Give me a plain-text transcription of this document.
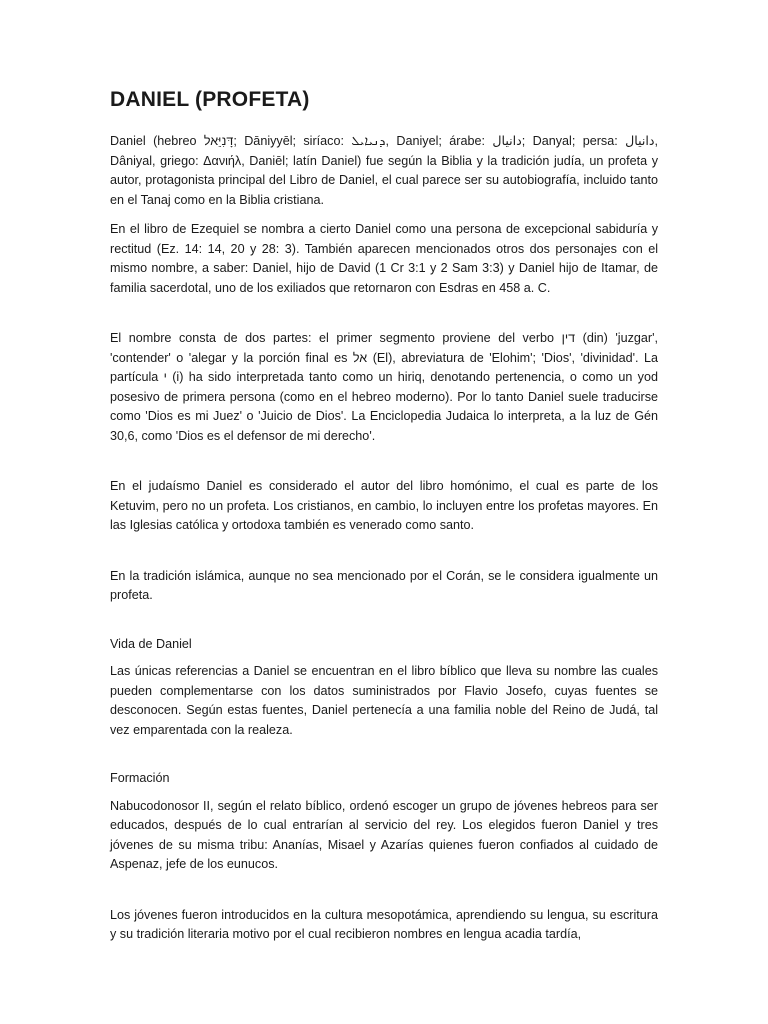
DANIEL (PROFETA)

Daniel (hebreo דָּנִיֵּאל; Dāniyyēl; siríaco: ܕܢܝܐܝܠ, Daniyel; árabe: دانيال; Danyal; persa: دانيال, Dâniyal, griego: Δανιήλ, Daniēl; latín Daniel) fue según la Biblia y la tradición judía, un profeta y autor, protagonista principal del Libro de Daniel, el cual parece ser su autobiografía, incluido tanto en el Tanaj como en la Biblia cristiana.

En el libro de Ezequiel se nombra a cierto Daniel como una persona de excepcional sabiduría y rectitud (Ez. 14: 14, 20 y 28: 3). También aparecen mencionados otros dos personajes con el mismo nombre, a saber: Daniel, hijo de David (1 Cr 3:1 y 2 Sam 3:3) y Daniel hijo de Itamar, de familia sacerdotal, uno de los exiliados que retornaron con Esdras en 458 a. C.

El nombre consta de dos partes: el primer segmento proviene del verbo דין (din) 'juzgar', 'contender' o 'alegar y la porción final es אל (El), abreviatura de 'Elohim'; 'Dios', 'divinidad'. La partícula י (i) ha sido interpretada tanto como un hiriq, denotando pertenencia, o como un yod posesivo de primera persona (como en el hebreo moderno). Por lo tanto Daniel suele traducirse como 'Dios es mi Juez' o 'Juicio de Dios'. La Enciclopedia Judaica lo interpreta, a la luz de Gén 30,6, como 'Dios es el defensor de mi derecho'.

En el judaísmo Daniel es considerado el autor del libro homónimo, el cual es parte de los Ketuvim, pero no un profeta. Los cristianos, en cambio, lo incluyen entre los profetas mayores. En las Iglesias católica y ortodoxa también es venerado como santo.

En la tradición islámica, aunque no sea mencionado por el Corán, se le considera igualmente un profeta.

Vida de Daniel

Las únicas referencias a Daniel se encuentran en el libro bíblico que lleva su nombre las cuales pueden complementarse con los datos suministrados por Flavio Josefo, cuyas fuentes se desconocen. Según estas fuentes, Daniel pertenecía a una familia noble del Reino de Judá, tal vez emparentada con la realeza.

Formación

Nabucodonosor II, según el relato bíblico, ordenó escoger un grupo de jóvenes hebreos para ser educados, después de lo cual entrarían al servicio del rey. Los elegidos fueron Daniel y tres jóvenes de su misma tribu: Ananías, Misael y Azarías quienes fueron confiados al cuidado de Aspenaz, jefe de los eunucos.

Los jóvenes fueron introducidos en la cultura mesopotámica, aprendiendo su lengua, su escritura y su tradición literaria motivo por el cual recibieron nombres en lengua acadia tardía,
